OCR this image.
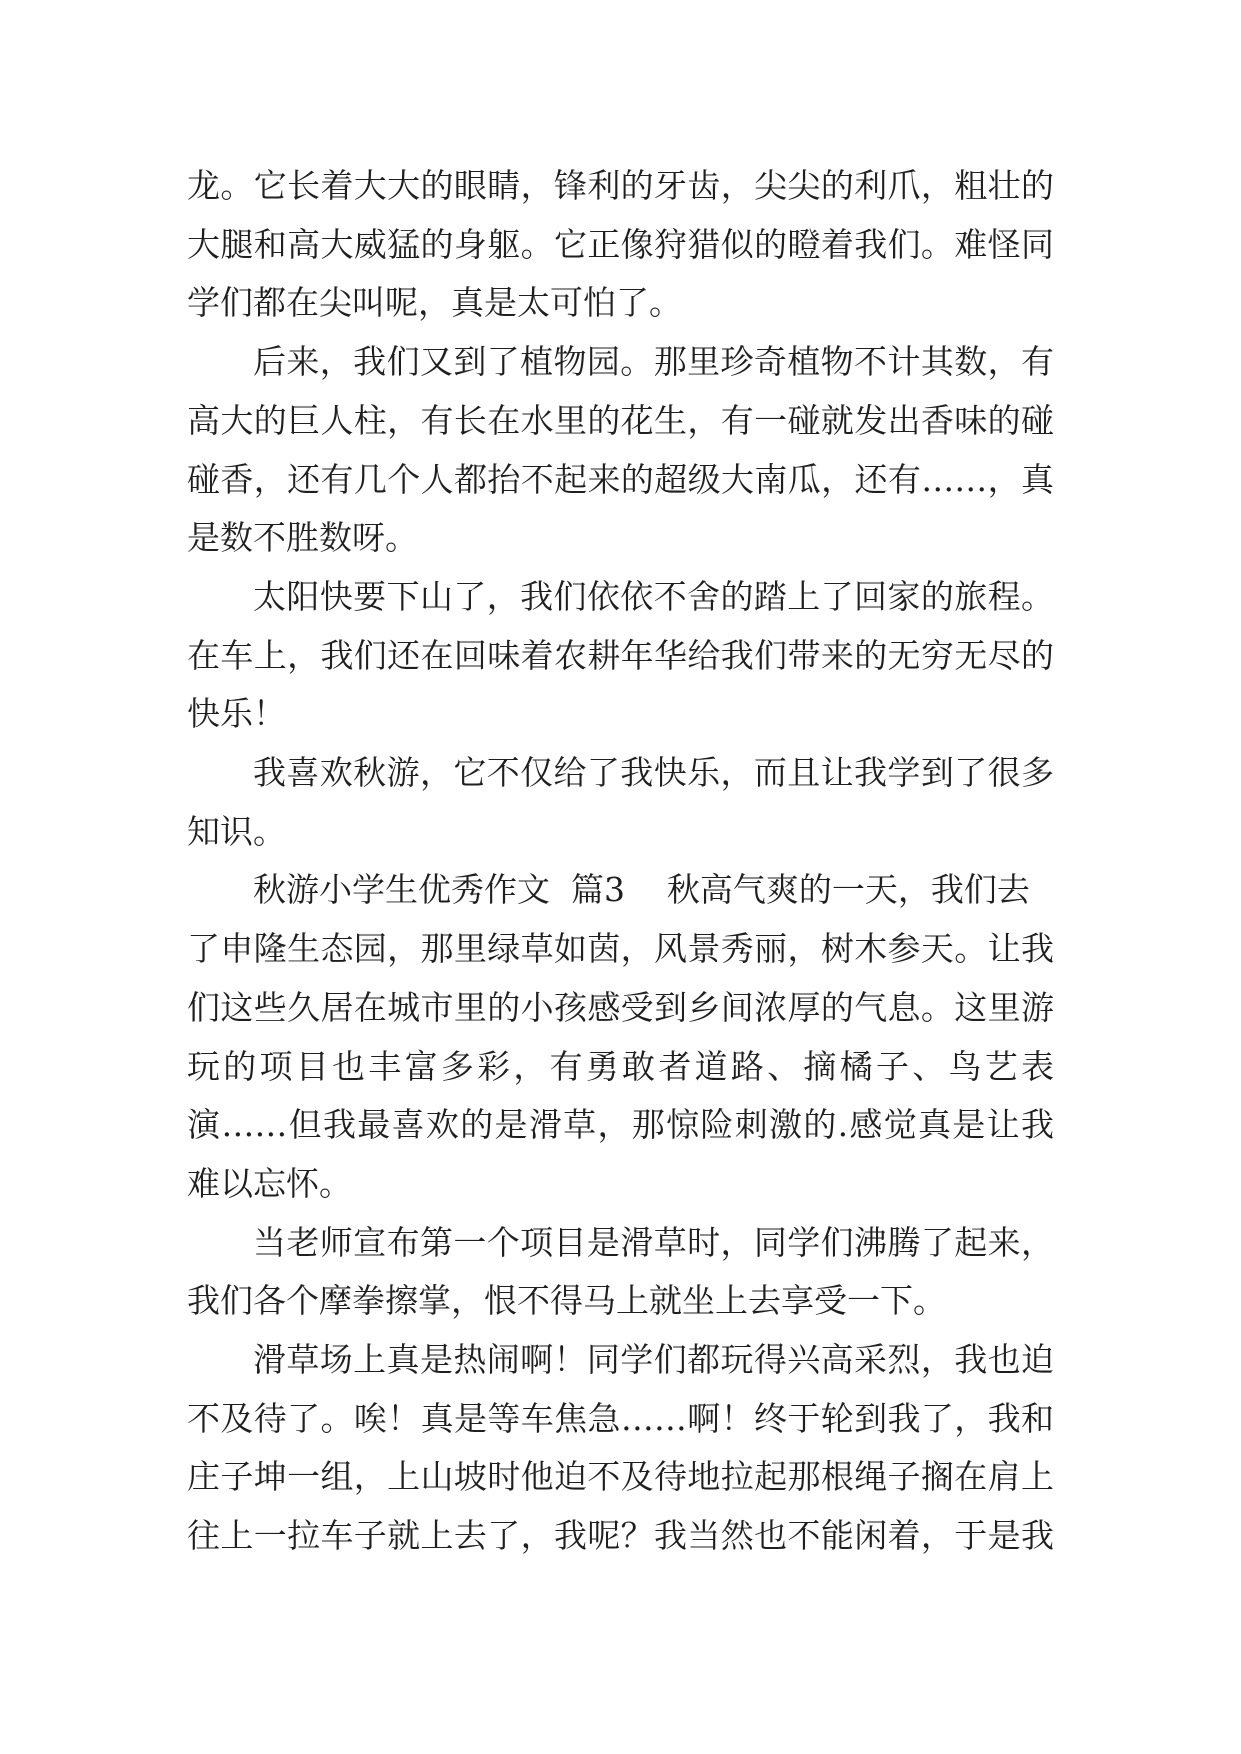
龙。它长着大大的眼睛，锋利的牙齿，尖尖的利爪，粗壮的
大腿和高大威猛的身躯。它正像狩猎似的瞪着我们。难怪同
学们都在尖叫呢，真是太可怕了。
后来，我们又到了植物园。那里珍奇植物不计其数，有
高大的巨人柱，有长在水里的花生，有一碰就发出香味的碰
碰香，还有几个人都抬不起来的超级大南瓜，还有……，真
是数不胜数呀。
太阳快要下山了，我们依依不舍的踏上了回家的旅程。
在车上，我们还在回味着农耕年华给我们带来的无穷无尽的
快乐！
我喜欢秋游，它不仅给了我快乐，而且让我学到了很多
知识。
秋游小学生优秀作文  篇3    秋高气爽的一天，我们去
了申隆生态园，那里绿草如茵，风景秀丽，树木参天。让我
们这些久居在城市里的小孩感受到乡间浓厚的气息。这里游
玩的项目也丰富多彩，有勇敢者道路、摘橘子、鸟艺表
演……但我最喜欢的是滑草，那惊险刺激的.感觉真是让我
难以忘怀。
当老师宣布第一个项目是滑草时，同学们沸腾了起来，
我们各个摩拳擦掌，恨不得马上就坐上去享受一下。
滑草场上真是热闹啊！同学们都玩得兴高采烈，我也迫
不及待了。唉！真是等车焦急……啊！终于轮到我了，我和
庄子坤一组，上山坡时他迫不及待地拉起那根绳子搁在肩上
往上一拉车子就上去了，我呢？我当然也不能闲着，于是我
